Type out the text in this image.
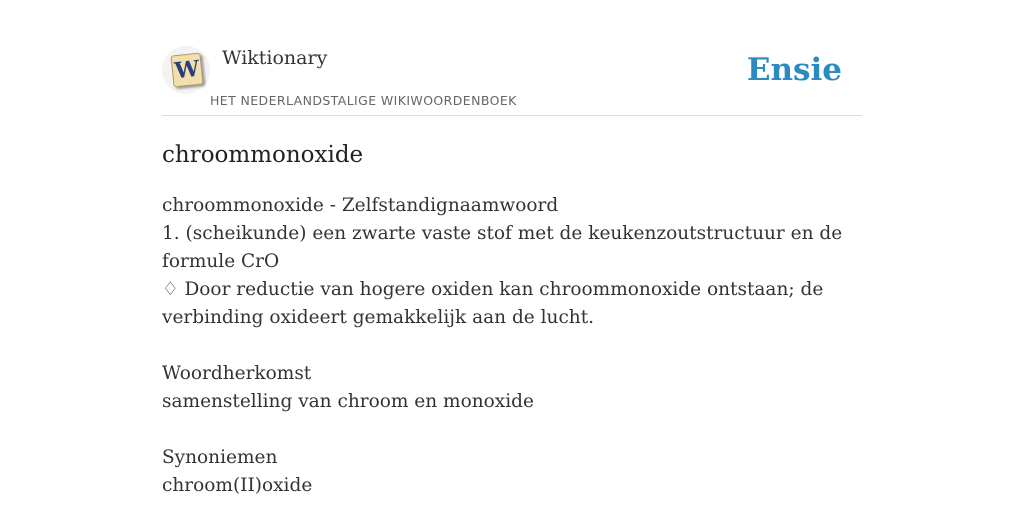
W Wiktionary
HET NEDERLANDSTALIGE WIKIWOORDENBOEK
Ensie
chroommonoxide
chroommonoxide - Zelfstandignaamwoord
1. (scheikunde) een zwarte vaste stof met de keukenzoutstructuur en de formule CrO
♢ Door reductie van hogere oxiden kan chroommonoxide ontstaan; de verbinding oxideert gemakkelijk aan de lucht.
Woordherkomst
samenstelling van chroom en monoxide
Synoniemen
chroom(II)oxide
